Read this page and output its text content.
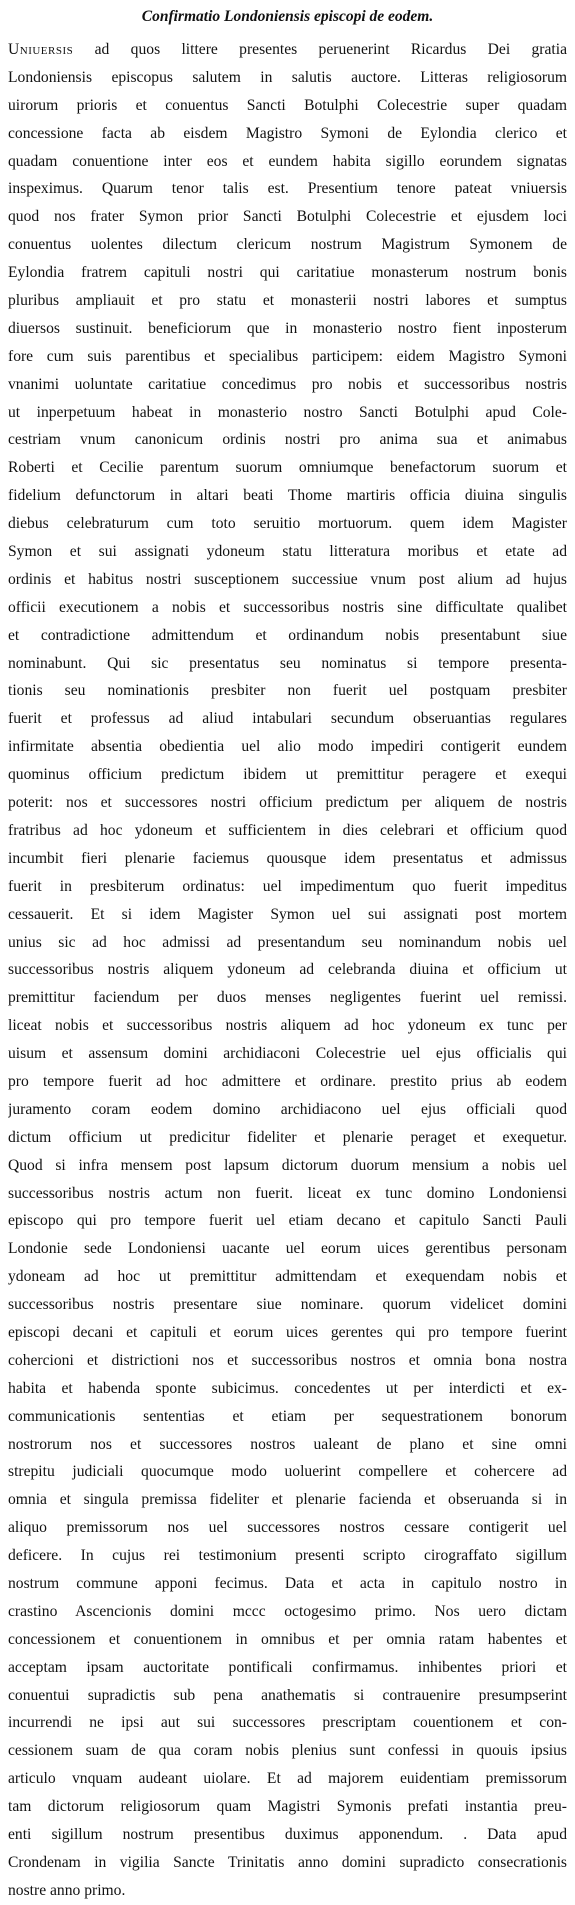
Confirmatio Londoniensis episcopi de eodem.
Uniuersis ad quos littere presentes peruenerint Ricardus Dei gratia
Londoniensis episcopus salutem in salutis auctore. Litteras religiosorum
uirorum prioris et conuentus Sancti Botulphi Colecestrie super quadam
concessione facta ab eisdem Magistro Symoni de Eylondia clerico et
quadam conuentione inter eos et eundem habita sigillo eorundem signatas
inspeximus. Quarum tenor talis est. Presentium tenore pateat vniuersis
quod nos frater Symon prior Sancti Botulphi Colecestrie et ejusdem loci
conuentus uolentes dilectum clericum nostrum Magistrum Symonem de
Eylondia fratrem capituli nostri qui caritatiue monasterum nostrum bonis
pluribus ampliauit et pro statu et monasterii nostri labores et sumptus
diuersos sustinuit. beneficiorum que in monasterio nostro fient inposterum
fore cum suis parentibus et specialibus participem: eidem Magistro Symoni
vnanimi uoluntate caritatiue concedimus pro nobis et successoribus nostris
ut inperpetuum habeat in monasterio nostro Sancti Botulphi apud Cole-
cestriam vnum canonicum ordinis nostri pro anima sua et animabus
Roberti et Cecilie parentum suorum omniumque benefactorum suorum et
fidelium defunctorum in altari beati Thome martiris officia diuina singulis
diebus celebraturum cum toto seruitio mortuorum. quem idem Magister
Symon et sui assignati ydoneum statu litteratura moribus et etate ad
ordinis et habitus nostri susceptionem successiue vnum post alium ad hujus
officii executionem a nobis et successoribus nostris sine difficultate qualibet
et contradictione admittendum et ordinandum nobis presentabunt siue
nominabunt. Qui sic presentatus seu nominatus si tempore presenta-
tionis seu nominationis presbiter non fuerit uel postquam presbiter
fuerit et professus ad aliud intabulari secundum obseruantias regulares
infirmitate absentia obedientia uel alio modo impediri contigerit eundem
quominus officium predictum ibidem ut premittitur peragere et exequi
poterit: nos et successores nostri officium predictum per aliquem de nostris
fratribus ad hoc ydoneum et sufficientem in dies celebrari et officium quod
incumbit fieri plenarie faciemus quousque idem presentatus et admissus
fuerit in presbiterum ordinatus: uel impedimentum quo fuerit impeditus
cessauerit. Et si idem Magister Symon uel sui assignati post mortem
unius sic ad hoc admissi ad presentandum seu nominandum nobis uel
successoribus nostris aliquem ydoneum ad celebranda diuina et officium ut
premittitur faciendum per duos menses negligentes fuerint uel remissi.
liceat nobis et successoribus nostris aliquem ad hoc ydoneum ex tunc per
uisum et assensum domini archidiaconi Colecestrie uel ejus officialis qui
pro tempore fuerit ad hoc admittere et ordinare. prestito prius ab eodem
juramento coram eodem domino archidiacono uel ejus officiali quod
dictum officium ut predicitur fideliter et plenarie peraget et exequetur.
Quod si infra mensem post lapsum dictorum duorum mensium a nobis uel
successoribus nostris actum non fuerit. liceat ex tunc domino Londoniensi
episcopo qui pro tempore fuerit uel etiam decano et capitulo Sancti Pauli
Londonie sede Londoniensi uacante uel eorum uices gerentibus personam
ydoneam ad hoc ut premittitur admittendam et exequendam nobis et
successoribus nostris presentare siue nominare. quorum videlicet domini
episcopi decani et capituli et eorum uices gerentes qui pro tempore fuerint
cohercioni et districtioni nos et successoribus nostros et omnia bona nostra
habita et habenda sponte subicimus. concedentes ut per interdicti et ex-
communicationis sententias et etiam per sequestrationem bonorum
nostrorum nos et successores nostros ualeant de plano et sine omni
strepitu judiciali quocumque modo uoluerint compellere et cohercere ad
omnia et singula premissa fideliter et plenarie facienda et obseruanda si in
aliquo premissorum nos uel successores nostros cessare contigerit uel
deficere. In cujus rei testimonium presenti scripto cirograffato sigillum
nostrum commune apponi fecimus. Data et acta in capitulo nostro in
crastino Ascencionis domini mccc octogesimo primo. Nos uero dictam
concessionem et conuentionem in omnibus et per omnia ratam habentes et
acceptam ipsam auctoritate pontificali confirmamus. inhibentes priori et
conuentui supradictis sub pena anathematis si contrauenire presumpserint
incurrendi ne ipsi aut sui successores prescriptam couentionem et con-
cessionem suam de qua coram nobis plenius sunt confessi in quouis ipsius
articulo vnquam audeant uiolare. Et ad majorem euidentiam premissorum
tam dictorum religiosorum quam Magistri Symonis prefati instantia preu-
enti sigillum nostrum presentibus duximus apponendum. . Data apud
Crondenam in vigilia Sancte Trinitatis anno domini supradicto consecrationis
nostre anno primo.
